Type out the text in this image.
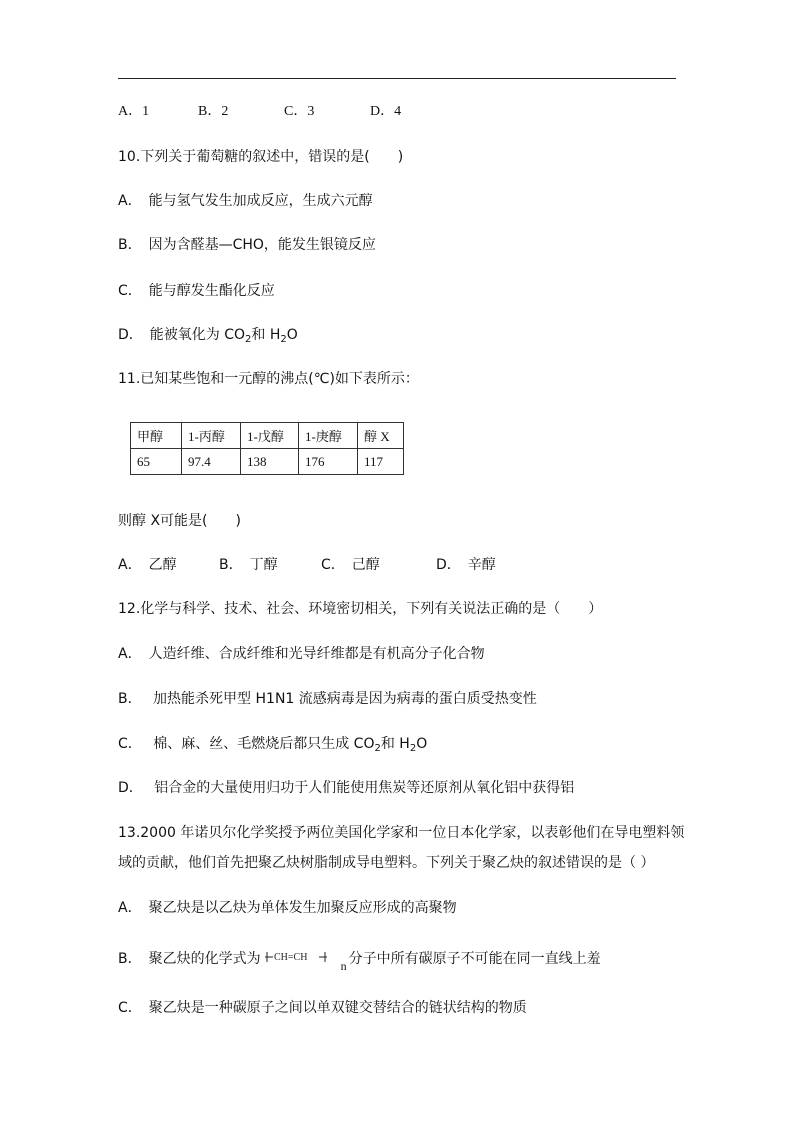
A．1	B．2	C．3	D．4
10.下列关于葡萄糖的叙述中，错误的是(　　)
A．　能与氢气发生加成反应，生成六元醇
B．　因为含醛基—CHO，能发生银镜反应
C．　能与醇发生酯化反应
D．　能被氧化为 $CO_2$和 $H_2O$
11.已知某些饱和一元醇的沸点(℃)如下表所示：
甲醇	1-丙醇	1-戊醇	1-庚醇	醇 X
65	97.4	138	176	117
则醇 X可能是(　　)
A．　乙醇	B．　丁醇	C．　己醇	D．　辛醇
12.化学与科学、技术、社会、环境密切相关，下列有关说法正确的是（　　）
A．　人造纤维、合成纤维和光导纤维都是有机高分子化合物
B．　 加热能杀死甲型 H1N1 流感病毒是因为病毒的蛋白质受热变性
C．　 棉、麻、丝、毛燃烧后都只生成 $CO_2$和 $H_2O$
D．　 铝合金的大量使用归功于人们能使用焦炭等还原剂从氧化铝中获得铝
13.2000 年诺贝尔化学奖授予两位美国化学家和一位日本化学家，以表彰他们在导电塑料领
域的贡献，他们首先把聚乙炔树脂制成导电塑料。下列关于聚乙炔的叙述错误的是（ ）
A．　聚乙炔是以乙炔为单体发生加聚反应形成的高聚物
B．　聚乙炔的化学式为 CH=CH
n 分子中所有碳原子不可能在同一直线上羞
C．　聚乙炔是一种碳原子之间以单双键交替结合的链状结构的物质
